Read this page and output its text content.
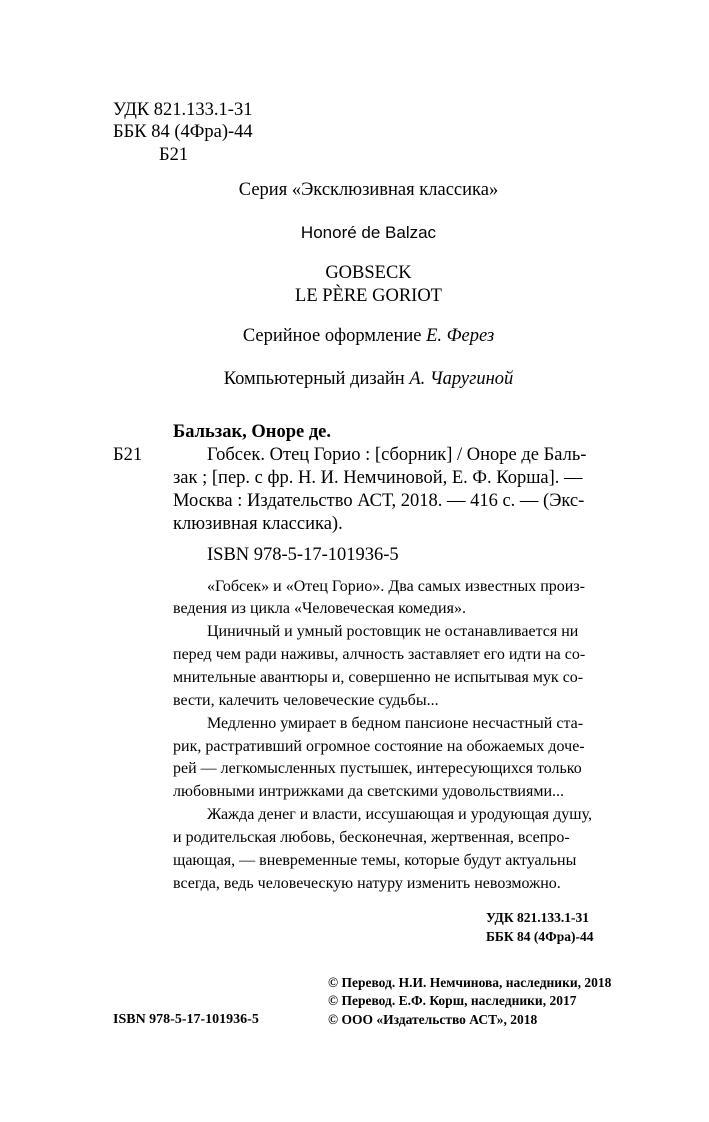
УДК 821.133.1-31
ББК 84 (4Фра)-44
Б21
Серия «Эксклюзивная классика»
Honoré de Balzac
GOBSECK
LE PÈRE GORIOT
Серийное оформление Е. Ферез
Компьютерный дизайн А. Чаругиной
Бальзак, Оноре де.
Б21	Гобсек. Отец Горио : [сборник] / Оноре де Баль-
зак ; [пер. с фр. Н. И. Немчиновой, Е. Ф. Корша]. —
Москва : Издательство АСТ, 2018. — 416 с. — (Экс-
клюзивная классика).
ISBN 978-5-17-101936-5
«Гобсек» и «Отец Горио». Два самых известных произ-
ведения из цикла «Человеческая комедия».
Циничный и умный ростовщик не останавливается ни
перед чем ради наживы, алчность заставляет его идти на со-
мнительные авантюры и, совершенно не испытывая мук со-
вести, калечить человеческие судьбы...
Медленно умирает в бедном пансионе несчастный ста-
рик, растративший огромное состояние на обожаемых доче-
рей — легкомысленных пустышек, интересующихся только
любовными интрижками да светскими удовольствиями...
Жажда денег и власти, иссушающая и уродующая душу,
и родительская любовь, бесконечная, жертвенная, всепро-
щающая, — вневременные темы, которые будут актуальны
всегда, ведь человеческую натуру изменить невозможно.
УДК 821.133.1-31
ББК 84 (4Фра)-44
© Перевод. Н.И. Немчинова, наследники, 2018
© Перевод. Е.Ф. Корш, наследники, 2017
© ООО «Издательство АСТ», 2018
ISBN 978-5-17-101936-5
